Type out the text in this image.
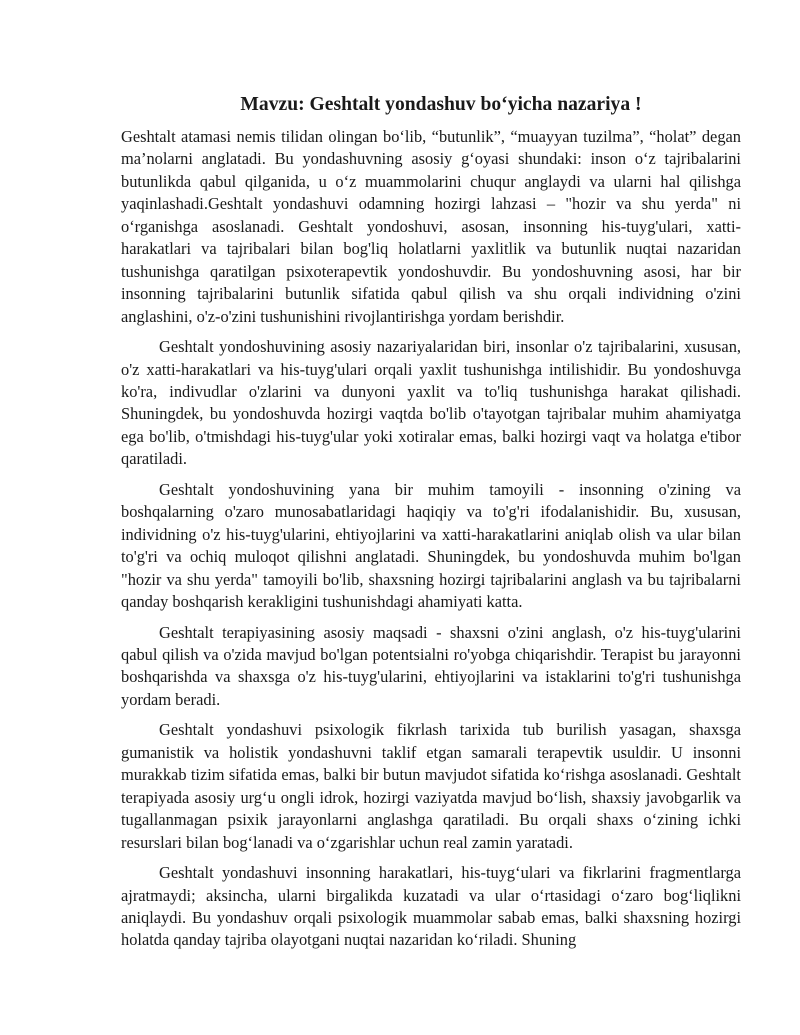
Mavzu: Geshtalt yondashuv bo‘yicha nazariya !

Geshtalt atamasi nemis tilidan olingan bo‘lib, “butunlik”, “muayyan tuzilma”, “holat” degan ma’nolarni anglatadi. Bu yondashuvning asosiy g‘oyasi shundaki: inson o‘z tajribalarini butunlikda qabul qilganida, u o‘z muammolarini chuqur anglaydi va ularni hal qilishga yaqinlashadi.Geshtalt yondashuvi odamning hozirgi lahzasi – "hozir va shu yerda" ni o‘rganishga asoslanadi. Geshtalt yondoshuvi, asosan, insonning his-tuyg'ulari, xatti-harakatlari va tajribalari bilan bog'liq holatlarni yaxlitlik va butunlik nuqtai nazaridan tushunishga qaratilgan psixoterapevtik yondoshuvdir. Bu yondoshuvning asosi, har bir insonning tajribalarini butunlik sifatida qabul qilish va shu orqali individning o'zini anglashini, o'z-o'zini tushunishini rivojlantirishga yordam berishdir.

Geshtalt yondoshuvining asosiy nazariyalaridan biri, insonlar o'z tajribalarini, xususan, o'z xatti-harakatlari va his-tuyg'ulari orqali yaxlit tushunishga intilishidir. Bu yondoshuvga ko'ra, indivudlar o'zlarini va dunyoni yaxlit va to'liq tushunishga harakat qilishadi. Shuningdek, bu yondoshuvda hozirgi vaqtda bo'lib o'tayotgan tajribalar muhim ahamiyatga ega bo'lib, o'tmishdagi his-tuyg'ular yoki xotiralar emas, balki hozirgi vaqt va holatga e'tibor qaratiladi.

Geshtalt yondoshuvining yana bir muhim tamoyili - insonning o'zining va boshqalarning o'zaro munosabatlaridagi haqiqiy va to'g'ri ifodalanishidir. Bu, xususan, individning o'z his-tuyg'ularini, ehtiyojlarini va xatti-harakatlarini aniqlab olish va ular bilan to'g'ri va ochiq muloqot qilishni anglatadi. Shuningdek, bu yondoshuvda muhim bo'lgan "hozir va shu yerda" tamoyili bo'lib, shaxsning hozirgi tajribalarini anglash va bu tajribalarni qanday boshqarish kerakligini tushunishdagi ahamiyati katta.

Geshtalt terapiyasining asosiy maqsadi - shaxsni o'zini anglash, o'z his-tuyg'ularini qabul qilish va o'zida mavjud bo'lgan potentsialni ro'yobga chiqarishdir. Terapist bu jarayonni boshqarishda va shaxsga o'z his-tuyg'ularini, ehtiyojlarini va istaklarini to'g'ri tushunishga yordam beradi.

Geshtalt yondashuvi psixologik fikrlash tarixida tub burilish yasagan, shaxsga gumanistik va holistik yondashuvni taklif etgan samarali terapevtik usuldir. U insonni murakkab tizim sifatida emas, balki bir butun mavjudot sifatida ko‘rishga asoslanadi. Geshtalt terapiyada asosiy urg‘u ongli idrok, hozirgi vaziyatda mavjud bo‘lish, shaxsiy javobgarlik va tugallanmagan psixik jarayonlarni anglashga qaratiladi. Bu orqali shaxs o‘zining ichki resurslari bilan bog‘lanadi va o‘zgarishlar uchun real zamin yaratadi.

Geshtalt yondashuvi insonning harakatlari, his-tuyg‘ulari va fikrlarini fragmentlarga ajratmaydi; aksincha, ularni birgalikda kuzatadi va ular o‘rtasidagi o‘zaro bog‘liqlikni aniqlaydi. Bu yondashuv orqali psixologik muammolar sabab emas, balki shaxsning hozirgi holatda qanday tajriba olayotgani nuqtai nazaridan ko‘riladi. Shuning
